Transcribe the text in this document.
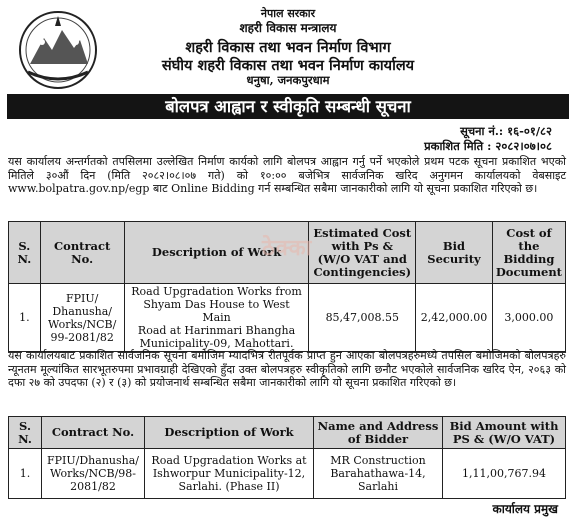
नेपाल सरकार
शहरी विकास मन्त्रालय
शहरी विकास तथा भवन निर्माण विभाग
संघीय शहरी विकास तथा भवन निर्माण कार्यालय
धनुषा, जनकपुरधाम
बोलपत्र आह्वान र स्वीकृति सम्बन्धी सूचना
सूचना नं.: १६-०१/८२
प्रकाशित मिति : २०८२।०७।०८
यस कार्यालय अन्तर्गतको तपसिलमा उल्लेखित निर्माण कार्यको लागि बोलपत्र आह्वान गर्नु पर्ने भएकोले प्रथम पटक सूचना प्रकाशित भएको मितिले ३०औं दिन (मिति २०८२।०८।०७ गते) को १०:०० बजेभित्र सार्वजनिक खरिद अनुगमन कार्यालयको वेबसाइट www.bolpatra.gov.np/egp बाट Online Bidding गर्न सम्बन्धित सबैमा जानकारीको लागि यो सूचना प्रकाशित गरिएको छ।
S.
N.	Contract
No.	Description of Work	Estimated Cost
with Ps &
(W/O VAT and
Contingencies)	Bid
Security	Cost of the
Bidding
Document
1.	FPIU/
Dhanusha/
Works/NCB/
99-2081/82	Road Upgradation Works from
Shyam Das House to West Main
Road at Harinmari Bhangha
Municipality-09, Mahottari.	85,47,008.55	2,42,000.00	3,000.00
ठेक्का
यस कार्यालयबाट प्रकाशित सार्वजनिक सूचना बमोजिम म्यादभित्र रीतपूर्वक प्राप्त हुन आएका बोलपत्रहरुमध्ये तपसिल बमोजिमको बोलपत्रहरु न्यूनतम मूल्यांकित सारभूतरुपमा प्रभावग्राही देखिएको हुँदा उक्त बोलपत्रहरु स्वीकृतिको लागि छनौट भएकोले सार्वजनिक खरिद ऐन, २०६३ को दफा २७ को उपदफा (२) र (३) को प्रयोजनार्थ सम्बन्धित सबैमा जानकारीको लागि यो सूचना प्रकाशित गरिएको छ।
S.
N.	Contract No.	Description of Work	Name and Address
of Bidder	Bid Amount with
PS & (W/O VAT)
1.	FPIU/Dhanusha/
Works/NCB/98-
2081/82	Road Upgradation Works at
Ishworpur Municipality-12,
Sarlahi. (Phase II)	MR Construction
Barahathawa-14,
Sarlahi	1,11,00,767.94
कार्यालय प्रमुख
